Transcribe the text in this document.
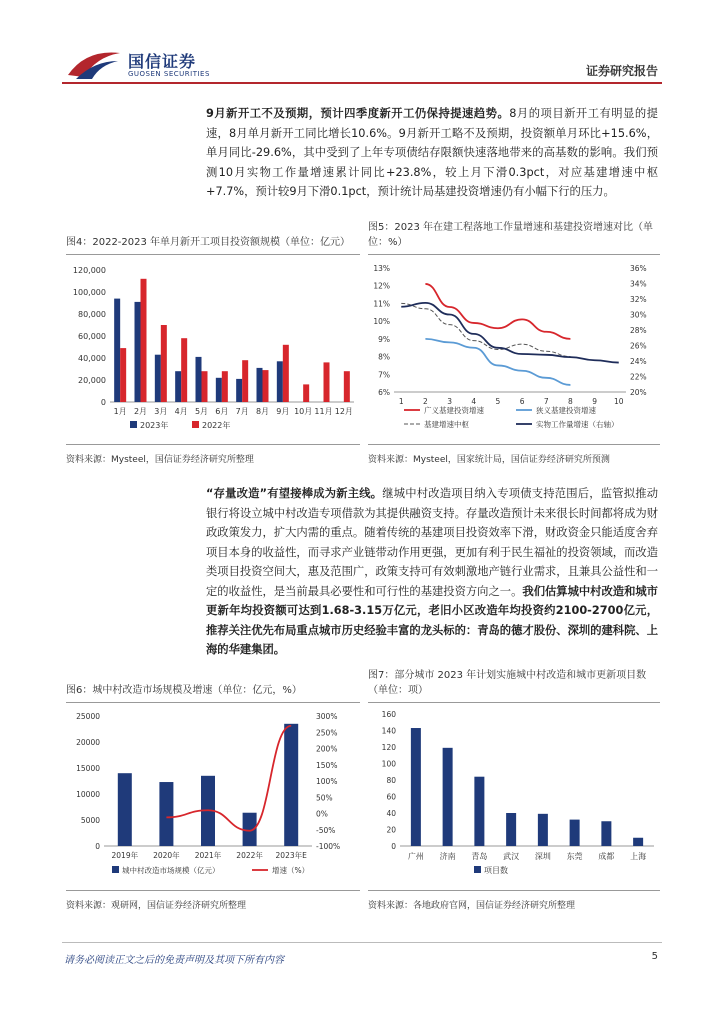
国信证券
GUOSEN SECURITIES	证券研究报告
9月新开工不及预期，预计四季度新开工仍保持提速趋势。8月的项目新开工有明显的提速，8月单月新开工同比增长10.6%。9月新开工略不及预期，投资额单月环比+15.6%，单月同比-29.6%，其中受到了上年专项债结存限额快速落地带来的高基数的影响。我们预测10月实物工作量增速累计同比+23.8%，较上月下滑0.3pct，对应基建增速中枢+7.7%，预计较9月下滑0.1pct，预计统计局基建投资增速仍有小幅下行的压力。
图4：2022-2023 年单月新开工项目投资额规模（单位：亿元）
0
20,000
40,000
60,000
80,000
100,000
120,000
1月 2月 3月 4月 5月 6月 7月 8月 9月 10月 11月 12月
2023年	2022年
资料来源：Mysteel，国信证券经济研究所整理
图5：2023 年在建工程落地工作量增速和基建投资增速对比（单位：%）
6%
7%
8%
9%
10%
11%
12%
13%
20%
22%
24%
26%
28%
30%
32%
34%
36%
1	2	3	4	5	6	7	8	9 10
广义基建投资增速	狭义基建投资增速
基建增速中枢	实物工作量增速（右轴）
资料来源：Mysteel，国家统计局，国信证券经济研究所预测
“存量改造”有望接棒成为新主线。继城中村改造项目纳入专项债支持范围后，监管拟推动银行将设立城中村改造专项借款为其提供融资支持。存量改造预计未来很长时间都将成为财政政策发力，扩大内需的重点。随着传统的基建项目投资效率下滑，财政资金只能适度舍弃项目本身的收益性，而寻求产业链带动作用更强，更加有利于民生福祉的投资领域，而改造类项目投资空间大，惠及范围广，政策支持可有效刺激地产链行业需求，且兼具公益性和一定的收益性，是当前最具必要性和可行性的基建投资方向之一。我们估算城中村改造和城市更新年均投资额可达到1.68-3.15万亿元，老旧小区改造年均投资约2100-2700亿元，推荐关注优先布局重点城市历史经验丰富的龙头标的：青岛的德才股份、深圳的建科院、上海的华建集团。
图6：城中村改造市场规模及增速（单位：亿元，%）
0
5000
10000
15000
20000
25000
-100%
-50%
0%
50%
100%
150%
200%
250%
300%
2019年 2020年 2021年 2022年 2023年E
城中村改造市场规模（亿元）	增速（%）
资料来源：观研网，国信证券经济研究所整理
图7：部分城市 2023 年计划实施城中村改造和城市更新项目数（单位：项）
0
20
40
60
80
100
120
140
160
广州 济南 青岛 武汉 深圳 东莞 成都 上海
项目数
资料来源：各地政府官网，国信证券经济研究所整理
请务必阅读正文之后的免责声明及其项下所有内容	5
